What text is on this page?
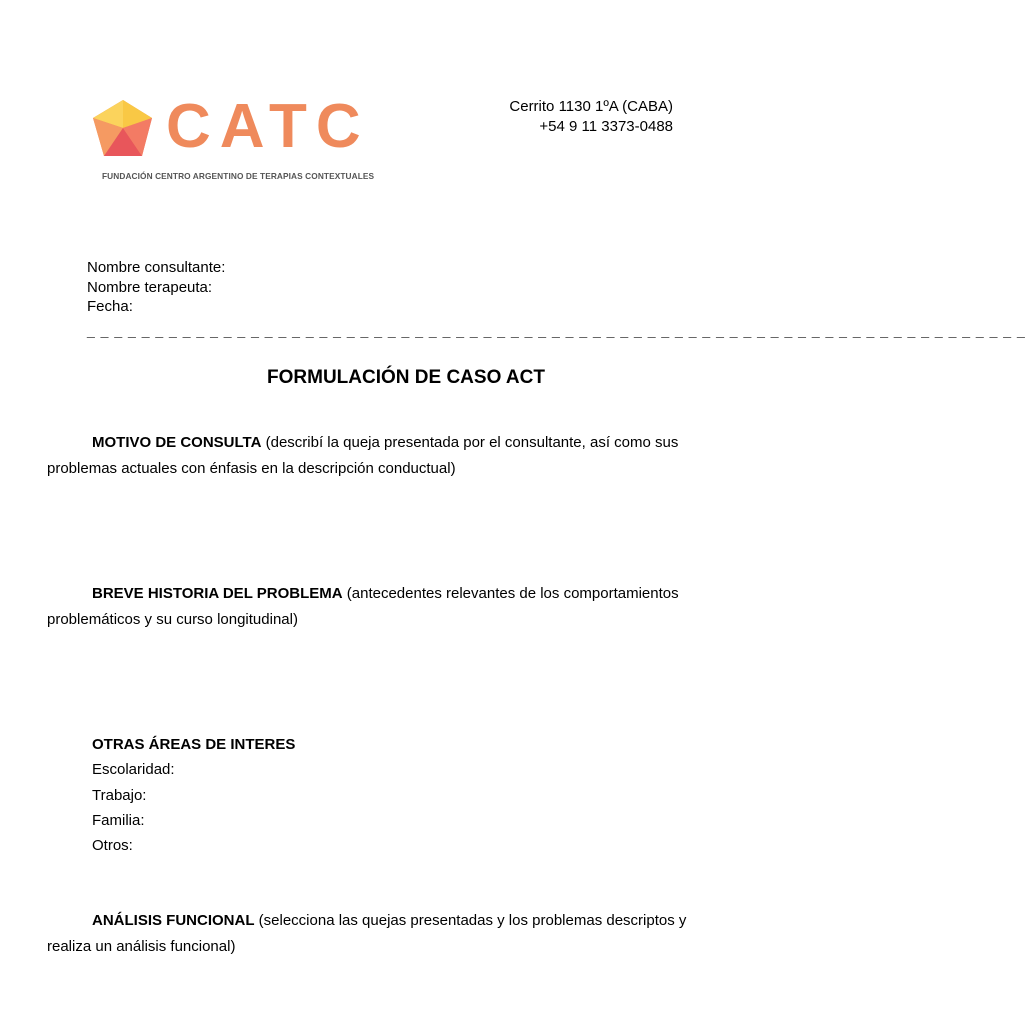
CATC
FUNDACIÓN CENTRO ARGENTINO DE TERAPIAS CONTEXTUALES
Cerrito 1130 1ºA (CABA)
+54 9 11 3373-0488
Nombre consultante:
Nombre terapeuta:
Fecha:
_ _ _ _ _ _ _ _ _ _ _ _ _ _ _ _ _ _ _ _ _ _ _ _ _ _ _ _ _ _ _ _ _ _ _ _ _ _ _ _ _ _ _ _ _ _ _ _ _ _ _ _ _ _ _ _ _ _ _ _ _ _ _ _ _ _ _ _ _
FORMULACIÓN DE CASO ACT
MOTIVO DE CONSULTA (describí la queja presentada por el consultante, así como sus problemas actuales con énfasis en la descripción conductual)
BREVE HISTORIA DEL PROBLEMA (antecedentes relevantes de los comportamientos problemáticos y su curso longitudinal)
OTRAS ÁREAS DE INTERES
Escolaridad:
Trabajo:
Familia:
Otros:
ANÁLISIS FUNCIONAL (selecciona las quejas presentadas y los problemas descriptos y realiza un análisis funcional)
